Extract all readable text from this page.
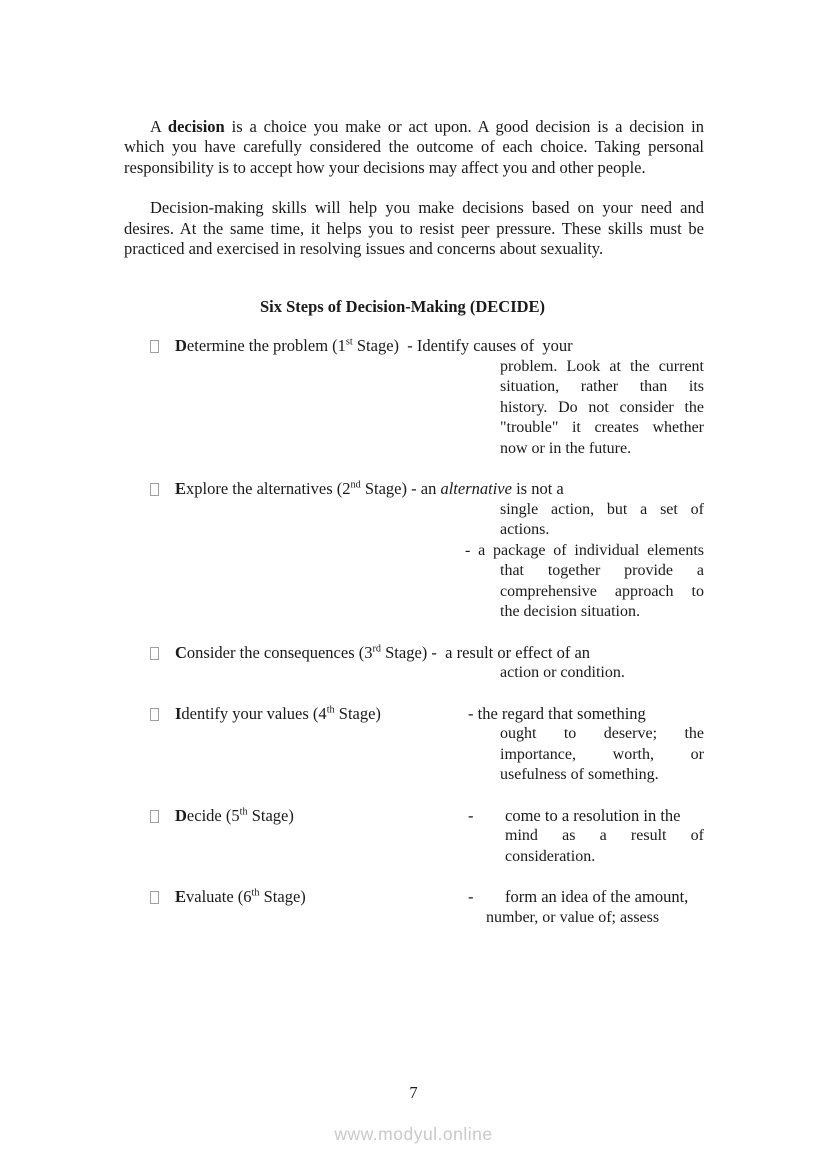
A decision is a choice you make or act upon. A good decision is a decision in which you have carefully considered the outcome of each choice. Taking personal responsibility is to accept how your decisions may affect you and other people.

Decision-making skills will help you make decisions based on your need and desires. At the same time, it helps you to resist peer pressure. These skills must be practiced and exercised in resolving issues and concerns about sexuality.

Six Steps of Decision-Making (DECIDE)
Determine the problem (1st Stage)  - Identify causes of  your
problem. Look at the current
situation, rather than its
history. Do not consider the
"trouble" it creates whether
now or in the future.
Explore the alternatives (2nd Stage) - an alternative is not a
single action, but a set of
actions.
- a package of individual elements
that together provide a
comprehensive approach to
the decision situation.
Consider the consequences (3rd Stage) -  a result or effect of an
action or condition.
Identify your values (4th Stage)	- the regard that something
ought to deserve; the
importance, worth, or
usefulness of something.
Decide (5th Stage)	- come to a resolution in the
mind as a result of
consideration.
Evaluate (6th Stage)	- form an idea of the amount,
number, or value of; assess
7
www.modyul.online
